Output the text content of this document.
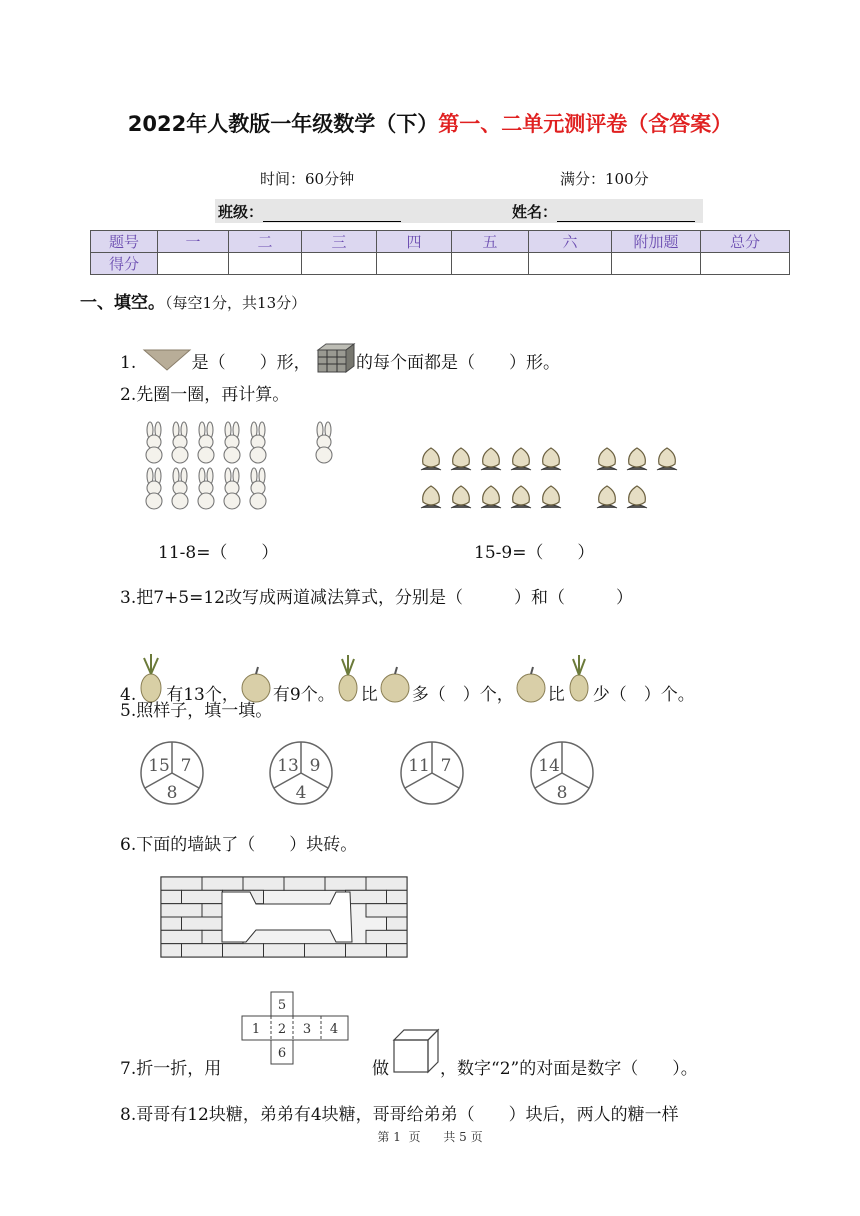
2022年人教版一年级数学（下）第一、二单元测评卷（含答案）
时间：60分钟	满分：100分
班级：	姓名：
题号	一	二	三	四	五	六	附加题	总分
得分								
一、填空。（每空1分，共13分）
1.	是（　　）形，	的每个面都是（　　）形。
2.先圈一圈，再计算。
11-8=（　　）	15-9=（　　）
3.把7+5=12改写成两道减法算式，分别是（　　　）和（　　　）
4. 有13个， 有9个。 比 多（　）个， 比 少（　）个。
5.照样子，填一填。
15 7
8
13 9
4
11 7	14
8
6.下面的墙缺了（　　）块砖。
7.折一折，用
5
1 2 3 4
6
做	，数字“2”的对面是数字（　　）。
8.哥哥有12块糖，弟弟有4块糖，哥哥给弟弟（　　）块后，两人的糖一样
第 1  页      共 5 页
